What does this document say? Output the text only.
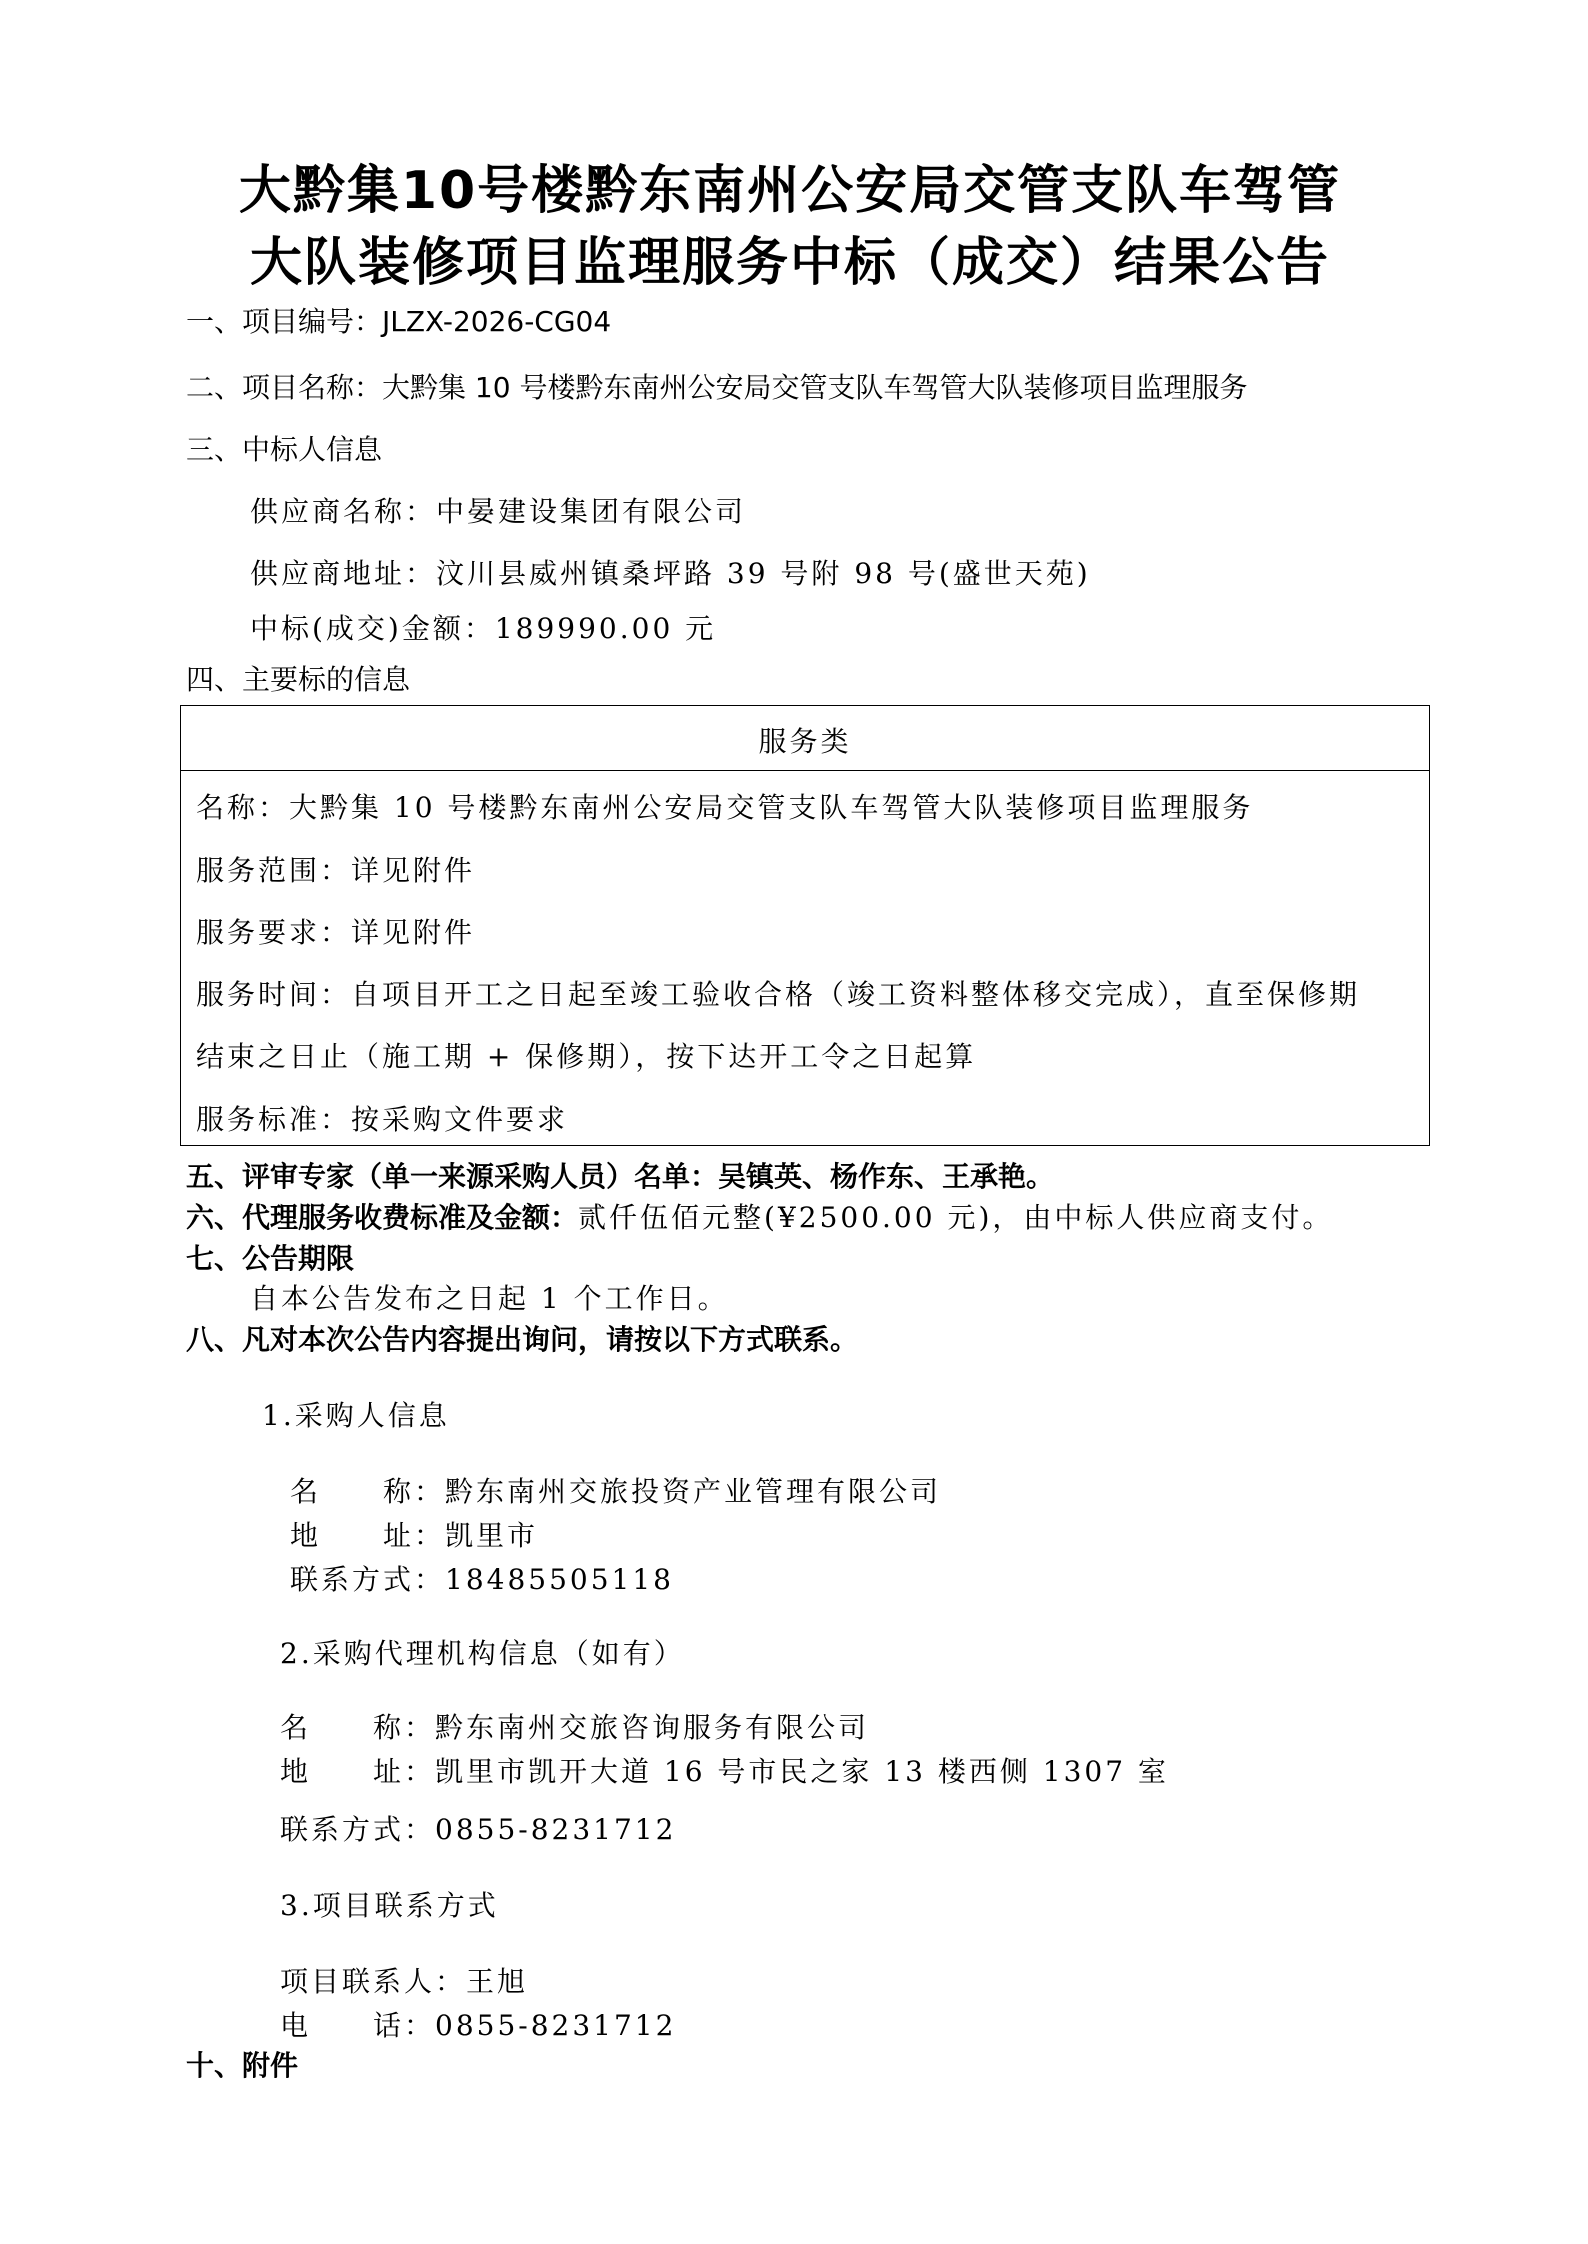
大黔集10号楼黔东南州公安局交管支队车驾管
大队装修项目监理服务中标（成交）结果公告

一、项目编号：JLZX-2026-CG04

二、项目名称：大黔集 10 号楼黔东南州公安局交管支队车驾管大队装修项目监理服务

三、中标人信息

供应商名称：中晏建设集团有限公司

供应商地址：汶川县威州镇桑坪路 39 号附 98 号(盛世天苑)

中标(成交)金额：189990.00 元

四、主要标的信息

服务类
名称：大黔集 10 号楼黔东南州公安局交管支队车驾管大队装修项目监理服务
服务范围：详见附件
服务要求：详见附件
服务时间：自项目开工之日起至竣工验收合格（竣工资料整体移交完成），直至保修期
结束之日止（施工期 + 保修期），按下达开工令之日起算
服务标准：按采购文件要求

五、评审专家（单一来源采购人员）名单：吴镇英、杨作东、王承艳。

六、代理服务收费标准及金额：贰仟伍佰元整(¥2500.00 元)，由中标人供应商支付。

七、公告期限

自本公告发布之日起 1 个工作日。

八、凡对本次公告内容提出询问，请按以下方式联系。

1.采购人信息

名　　称：黔东南州交旅投资产业管理有限公司

地　　址：凯里市

联系方式：18485505118

2.采购代理机构信息（如有）

名　　称：黔东南州交旅咨询服务有限公司

地　　址：凯里市凯开大道 16 号市民之家 13 楼西侧 1307 室

联系方式：0855-8231712

3.项目联系方式

项目联系人：王旭

电　　话：0855-8231712

十、附件
